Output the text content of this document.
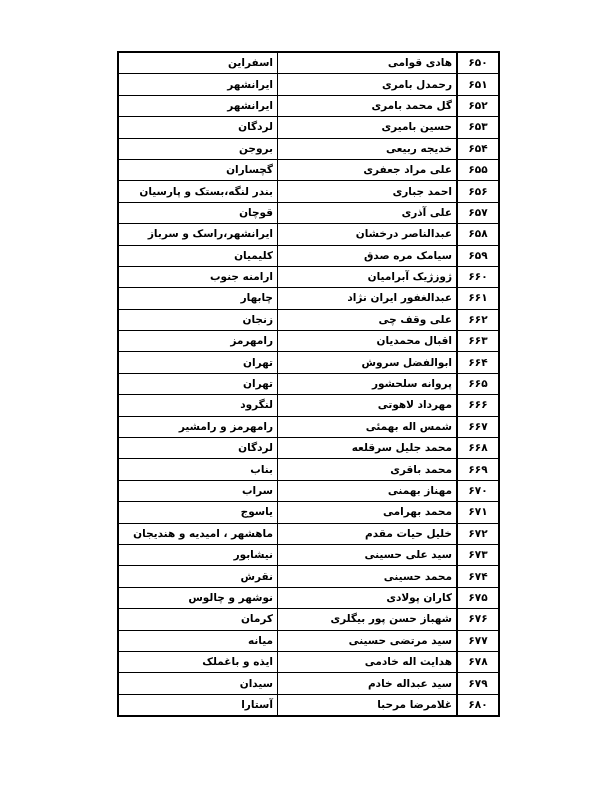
۶۵۰	هادی قوامی	اسفراین
۶۵۱	رحمدل بامری	ایرانشهر
۶۵۲	گل محمد بامری	ایرانشهر
۶۵۳	حسین بامیری	لردگان
۶۵۴	خدیجه ربیعی	بروجن
۶۵۵	علی مراد جعفری	گچساران
۶۵۶	احمد جباری	بندر لنگه،بستک و پارسیان
۶۵۷	علی آذری	قوچان
۶۵۸	عبدالناصر درخشان	ایرانشهر،راسک و سرباز
۶۵۹	سیامک مره صدق	کلیمیان
۶۶۰	ژوزژیک آبرامیان	ارامنه جنوب
۶۶۱	عبدالغفور ایران نژاد	چابهار
۶۶۲	علی وقف چی	زنجان
۶۶۳	اقبال محمدیان	رامهرمز
۶۶۴	ابوالفضل سروش	تهران
۶۶۵	پروانه سلحشور	تهران
۶۶۶	مهرداد لاهوتی	لنگرود
۶۶۷	شمس اله بهمئی	رامهرمز و رامشیر
۶۶۸	محمد جلیل سرقلعه	لردگان
۶۶۹	محمد باقری	بناب
۶۷۰	مهناز بهمنی	سراب
۶۷۱	محمد بهرامی	یاسوج
۶۷۲	خلیل حیات مقدم	ماهشهر ، امیدیه و هندیجان
۶۷۳	سید علی حسینی	نیشابور
۶۷۴	محمد حسینی	نقرش
۶۷۵	کاران پولادی	نوشهر و چالوس
۶۷۶	شهباز حسن پور بیگلری	کرمان
۶۷۷	سید مرتضی حسینی	میانه
۶۷۸	هدایت اله خادمی	ایذه و باغملک
۶۷۹	سید عبداله خادم	سیدان
۶۸۰	غلامرضا مرحبا	آستارا
